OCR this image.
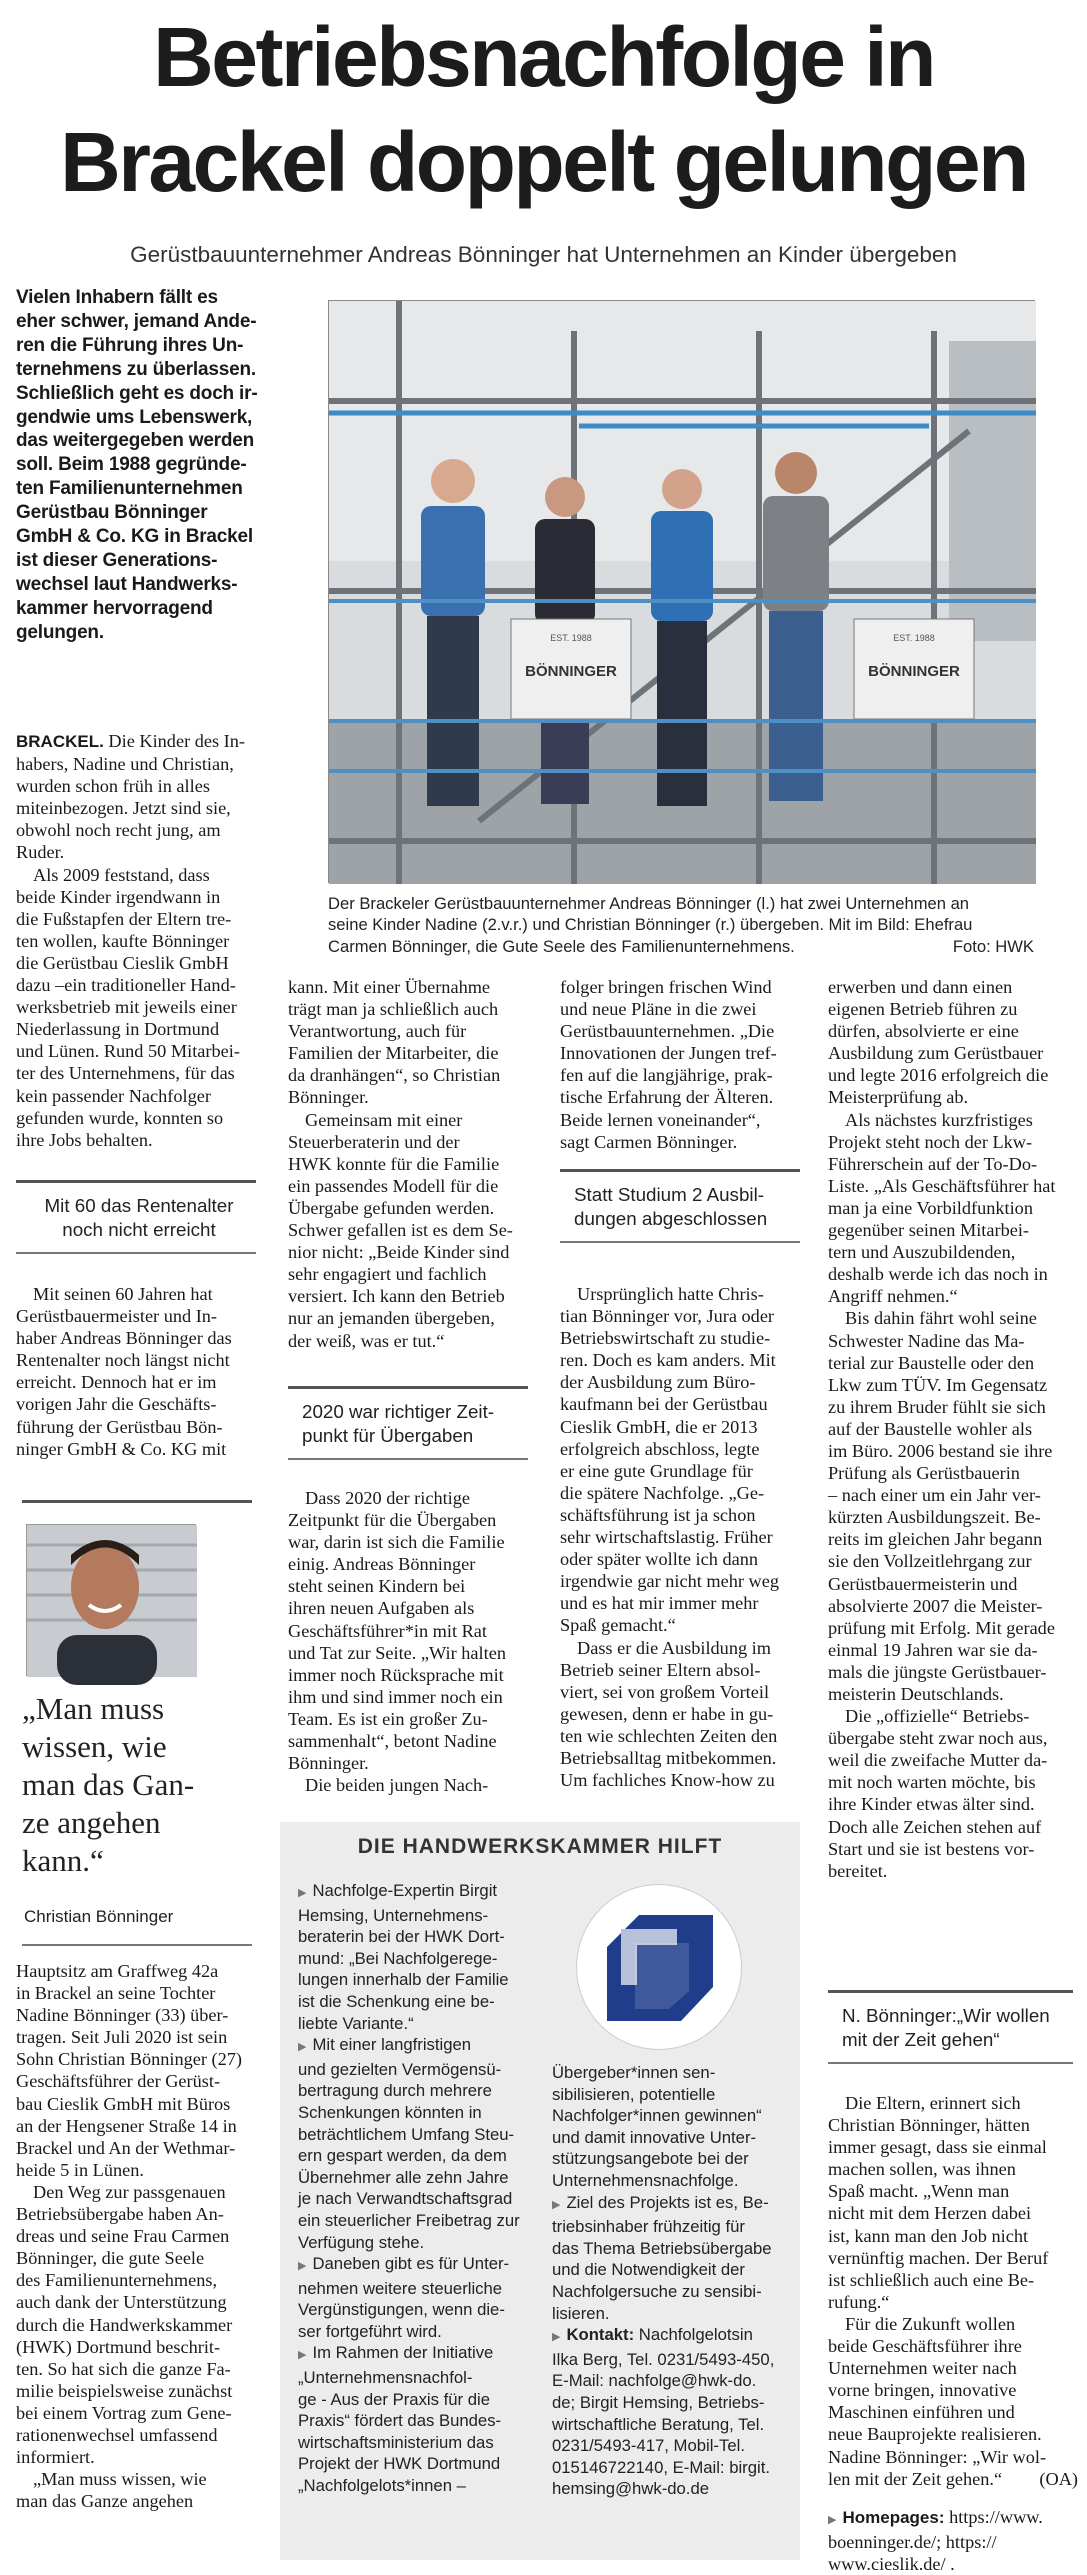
Betriebsnachfolge in
Brackel doppelt gelungen
Gerüstbauunternehmer Andreas Bönninger hat Unternehmen an Kinder übergeben
Vielen Inhabern fällt es
eher schwer, jemand Ande-
ren die Führung ihres Un-
ternehmens zu überlassen.
Schließlich geht es doch ir-
gendwie ums Lebenswerk,
das weitergegeben werden
soll. Beim 1988 gegründe-
ten Familienunternehmen
Gerüstbau Bönninger
GmbH & Co. KG in Brackel
ist dieser Generations-
wechsel laut Handwerks-
kammer hervorragend
gelungen.
BÖNNINGER
EST. 1988
BÖNNINGER
EST. 1988
Der Brackeler Gerüstbauunternehmer Andreas Bönninger (l.) hat zwei Unternehmen an
seine Kinder Nadine (2.v.r.) und Christian Bönninger (r.) übergeben. Mit im Bild: Ehefrau
Carmen Bönninger, die Gute Seele des Familienunternehmens.	Foto: HWK

BRACKEL. Die Kinder des In-
habers, Nadine und Christian,
wurden schon früh in alles
miteinbezogen. Jetzt sind sie,
obwohl noch recht jung, am
Ruder.

Als 2009 feststand, dass
beide Kinder irgendwann in
die Fußstapfen der Eltern tre-
ten wollen, kaufte Bönninger
die Gerüstbau Cieslik GmbH
dazu –ein traditioneller Hand-
werksbetrieb mit jeweils einer
Niederlassung in Dortmund
und Lünen. Rund 50 Mitarbei-
ter des Unternehmens, für das
kein passender Nachfolger
gefunden wurde, konnten so
ihre Jobs behalten.

Mit 60 das Rentenalter
noch nicht erreicht

Mit seinen 60 Jahren hat
Gerüstbauermeister und In-
haber Andreas Bönninger das
Rentenalter noch längst nicht
erreicht. Dennoch hat er im
vorigen Jahr die Geschäfts-
führung der Gerüstbau Bön-
ninger GmbH & Co. KG mit

„Man muss
wissen, wie
man das Gan-
ze angehen
kann.“
Christian Bönninger

Hauptsitz am Graffweg 42a
in Brackel an seine Tochter
Nadine Bönninger (33) über-
tragen. Seit Juli 2020 ist sein
Sohn Christian Bönninger (27)
Geschäftsführer der Gerüst-
bau Cieslik GmbH mit Büros
an der Hengsener Straße 14 in
Brackel und An der Wethmar-
heide 5 in Lünen.

Den Weg zur passgenauen
Betriebsübergabe haben An-
dreas und seine Frau Carmen
Bönninger, die gute Seele
des Familienunternehmens,
auch dank der Unterstützung
durch die Handwerkskammer
(HWK) Dortmund beschrit-
ten. So hat sich die ganze Fa-
milie beispielsweise zunächst
bei einem Vortrag zum Gene-
rationenwechsel umfassend
informiert.

„Man muss wissen, wie
man das Ganze angehen

kann. Mit einer Übernahme
trägt man ja schließlich auch
Verantwortung, auch für
Familien der Mitarbeiter, die
da dranhängen“, so Christian
Bönninger.

Gemeinsam mit einer
Steuerberaterin und der
HWK konnte für die Familie
ein passendes Modell für die
Übergabe gefunden werden.
Schwer gefallen ist es dem Se-
nior nicht: „Beide Kinder sind
sehr engagiert und fachlich
versiert. Ich kann den Betrieb
nur an jemanden übergeben,
der weiß, was er tut.“

2020 war richtiger Zeit-
punkt für Übergaben

Dass 2020 der richtige
Zeitpunkt für die Übergaben
war, darin ist sich die Familie
einig. Andreas Bönninger
steht seinen Kindern bei
ihren neuen Aufgaben als
Geschäftsführer*in mit Rat
und Tat zur Seite. „Wir halten
immer noch Rücksprache mit
ihm und sind immer noch ein
Team. Es ist ein großer Zu-
sammenhalt“, betont Nadine
Bönninger.

Die beiden jungen Nach-

folger bringen frischen Wind
und neue Pläne in die zwei
Gerüstbauunternehmen. „Die
Innovationen der Jungen tref-
fen auf die langjährige, prak-
tische Erfahrung der Älteren.
Beide lernen voneinander“,
sagt Carmen Bönninger.

Statt Studium 2 Ausbil-
dungen abgeschlossen

Ursprünglich hatte Chris-
tian Bönninger vor, Jura oder
Betriebswirtschaft zu studie-
ren. Doch es kam anders. Mit
der Ausbildung zum Büro-
kaufmann bei der Gerüstbau
Cieslik GmbH, die er 2013
erfolgreich abschloss, legte
er eine gute Grundlage für
die spätere Nachfolge. „Ge-
schäftsführung ist ja schon
sehr wirtschaftslastig. Früher
oder später wollte ich dann
irgendwie gar nicht mehr weg
und es hat mir immer mehr
Spaß gemacht.“

Dass er die Ausbildung im
Betrieb seiner Eltern absol-
viert, sei von großem Vorteil
gewesen, denn er habe in gu-
ten wie schlechten Zeiten den
Betriebsalltag mitbekommen.
Um fachliches Know-how zu

erwerben und dann einen
eigenen Betrieb führen zu
dürfen, absolvierte er eine
Ausbildung zum Gerüstbauer
und legte 2016 erfolgreich die
Meisterprüfung ab.

Als nächstes kurzfristiges
Projekt steht noch der Lkw-
Führerschein auf der To-Do-
Liste. „Als Geschäftsführer hat
man ja eine Vorbildfunktion
gegenüber seinen Mitarbei-
tern und Auszubildenden,
deshalb werde ich das noch in
Angriff nehmen.“

Bis dahin fährt wohl seine
Schwester Nadine das Ma-
terial zur Baustelle oder den
Lkw zum TÜV. Im Gegensatz
zu ihrem Bruder fühlt sie sich
auf der Baustelle wohler als
im Büro. 2006 bestand sie ihre
Prüfung als Gerüstbauerin
– nach einer um ein Jahr ver-
kürzten Ausbildungszeit. Be-
reits im gleichen Jahr begann
sie den Vollzeitlehrgang zur
Gerüstbauermeisterin und
absolvierte 2007 die Meister-
prüfung mit Erfolg. Mit gerade
einmal 19 Jahren war sie da-
mals die jüngste Gerüstbauer-
meisterin Deutschlands.

Die „offizielle“ Betriebs-
übergabe steht zwar noch aus,
weil die zweifache Mutter da-
mit noch warten möchte, bis
ihre Kinder etwas älter sind.
Doch alle Zeichen stehen auf
Start und sie ist bestens vor-
bereitet.

N. Bönninger:„Wir wollen
mit der Zeit gehen“

Die Eltern, erinnert sich
Christian Bönninger, hätten
immer gesagt, dass sie einmal
machen sollen, was ihnen
Spaß macht. „Wenn man
nicht mit dem Herzen dabei
ist, kann man den Job nicht
vernünftig machen. Der Beruf
ist schließlich auch eine Be-
rufung.“

Für die Zukunft wollen
beide Geschäftsführer ihre
Unternehmen weiter nach
vorne bringen, innovative
Maschinen einführen und
neue Bauprojekte realisieren.
Nadine Bönninger: „Wir wol-
len mit der Zeit gehen.“	(OA)

▶ Homepages: https://www.
boenninger.de/; https://
www.cieslik.de/ .

DIE HANDWERKSKAMMER HILFT

▶ Nachfolge-Expertin Birgit
Hemsing, Unternehmens-
beraterin bei der HWK Dort-
mund: „Bei Nachfolgerege-
lungen innerhalb der Familie
ist die Schenkung eine be-
liebte Variante.“

▶ Mit einer langfristigen
und gezielten Vermögensü-
bertragung durch mehrere
Schenkungen könnten in
beträchtlichem Umfang Steu-
ern gespart werden, da dem
Übernehmer alle zehn Jahre
je nach Verwandtschaftsgrad
ein steuerlicher Freibetrag zur
Verfügung stehe.

▶ Daneben gibt es für Unter-
nehmen weitere steuerliche
Vergünstigungen, wenn die-
ser fortgeführt wird.

▶ Im Rahmen der Initiative
„Unternehmensnachfol-
ge - Aus der Praxis für die
Praxis“ fördert das Bundes-
wirtschaftsministerium das
Projekt der HWK Dortmund
„Nachfolgelots*innen –

Übergeber*innen sen-
sibilisieren, potentielle
Nachfolger*innen gewinnen“
und damit innovative Unter-
stützungsangebote bei der
Unternehmensnachfolge.

▶ Ziel des Projekts ist es, Be-
triebsinhaber frühzeitig für
das Thema Betriebsübergabe
und die Notwendigkeit der
Nachfolgersuche zu sensibi-
lisieren.

▶ Kontakt: Nachfolgelotsin
Ilka Berg, Tel. 0231/5493-450,
E-Mail: nachfolge@hwk-do.
de; Birgit Hemsing, Betriebs-
wirtschaftliche Beratung, Tel.
0231/5493-417, Mobil-Tel.
015146722140, E-Mail: birgit.
hemsing@hwk-do.de
